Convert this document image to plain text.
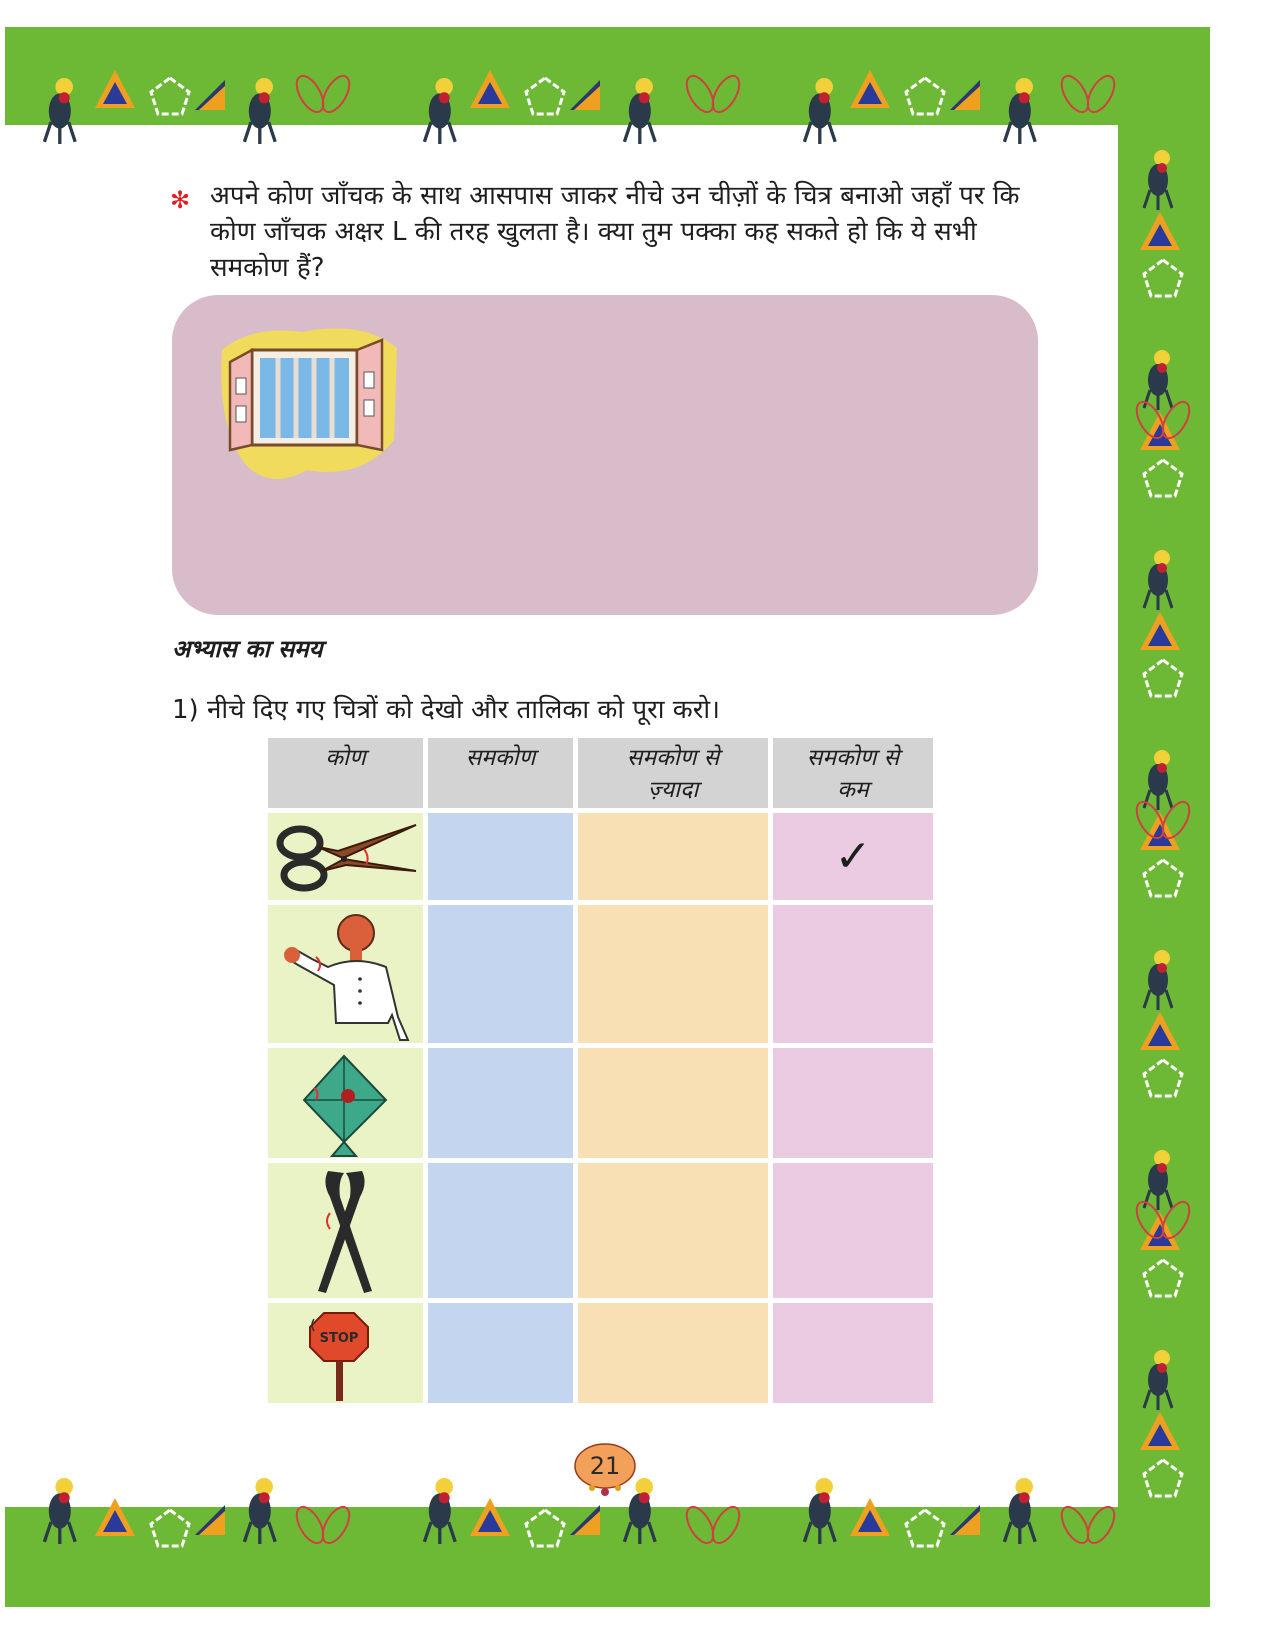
✻ अपने कोण जाँचक के साथ आसपास जाकर नीचे उन चीज़ों के चित्र बनाओ जहाँ पर कि कोण जाँचक अक्षर L की तरह खुलता है। क्या तुम पक्का कह सकते हो कि ये सभी समकोण हैं?
अभ्यास का समय
1) नीचे दिए गए चित्रों को देखो और तालिका को पूरा करो।
कोण	समकोण	समकोण से ज़्यादा
समकोण से कम
✓
STOP
21
